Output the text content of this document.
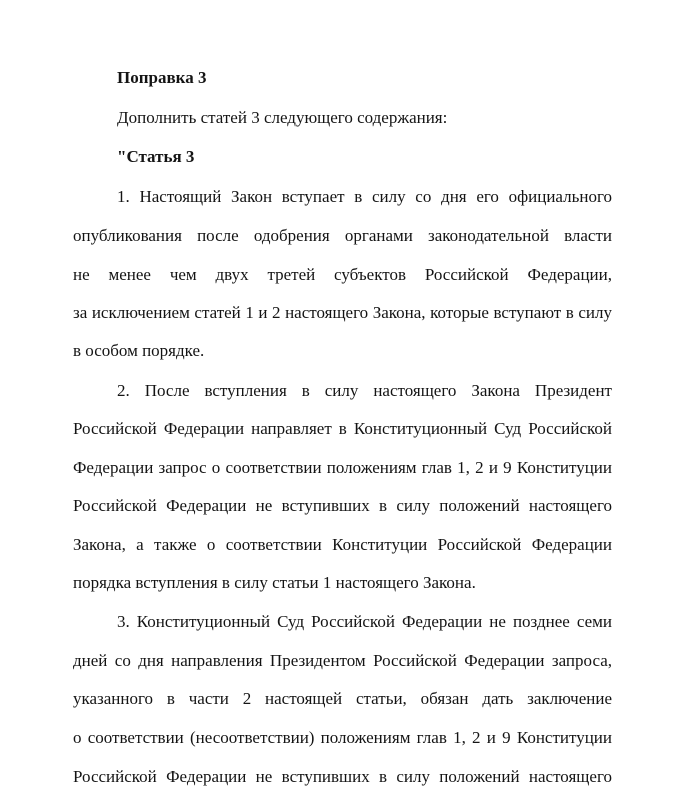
Поправка 3
Дополнить статей 3 следующего содержания:
"Статья 3
1. Настоящий Закон вступает в силу со дня его официального
опубликования после одобрения органами законодательной власти
не менее чем двух третей субъектов Российской Федерации,
за исключением статей 1 и 2 настоящего Закона, которые вступают в силу
в особом порядке.
2. После вступления в силу настоящего Закона Президент
Российской Федерации направляет в Конституционный Суд Российской
Федерации запрос о соответствии положениям глав 1, 2 и 9 Конституции
Российской Федерации не вступивших в силу положений настоящего
Закона, а также о соответствии Конституции Российской Федерации
порядка вступления в силу статьи 1 настоящего Закона.
3. Конституционный Суд Российской Федерации не позднее семи
дней со дня направления Президентом Российской Федерации запроса,
указанного в части 2 настоящей статьи, обязан дать заключение
о соответствии (несоответствии) положениям глав 1, 2 и 9 Конституции
Российской Федерации не вступивших в силу положений настоящего
